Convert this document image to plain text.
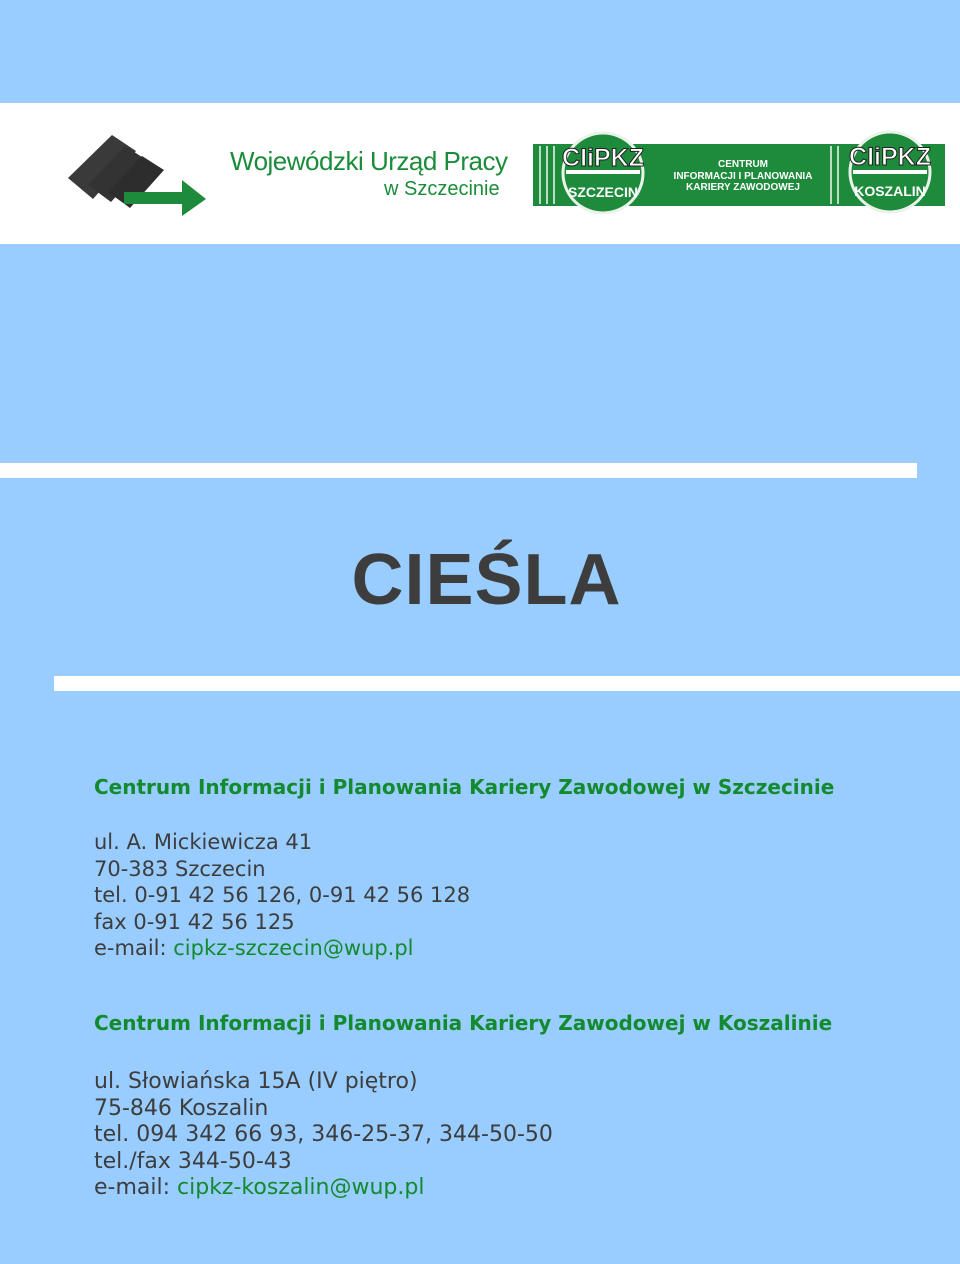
Wojewódzki Urząd Pracy
w Szczecinie
CIiPKZ
SZCZECIN
CENTRUM
INFORMACJI I PLANOWANIA
KARIERY ZAWODOWEJ
CIiPKZ
KOSZALIN
CIEŚLA

Centrum Informacji i Planowania Kariery Zawodowej w Szczecinie

ul. A. Mickiewicza 41

70-383 Szczecin

tel. 0-91 42 56 126, 0-91 42 56 128

fax 0-91 42 56 125

e-mail: cipkz-szczecin@wup.pl

Centrum Informacji i Planowania Kariery Zawodowej w Koszalinie

ul. Słowiańska 15A (IV piętro)

75-846 Koszalin

tel. 094 342 66 93, 346-25-37, 344-50-50

tel./fax 344-50-43

e-mail: cipkz-koszalin@wup.pl
